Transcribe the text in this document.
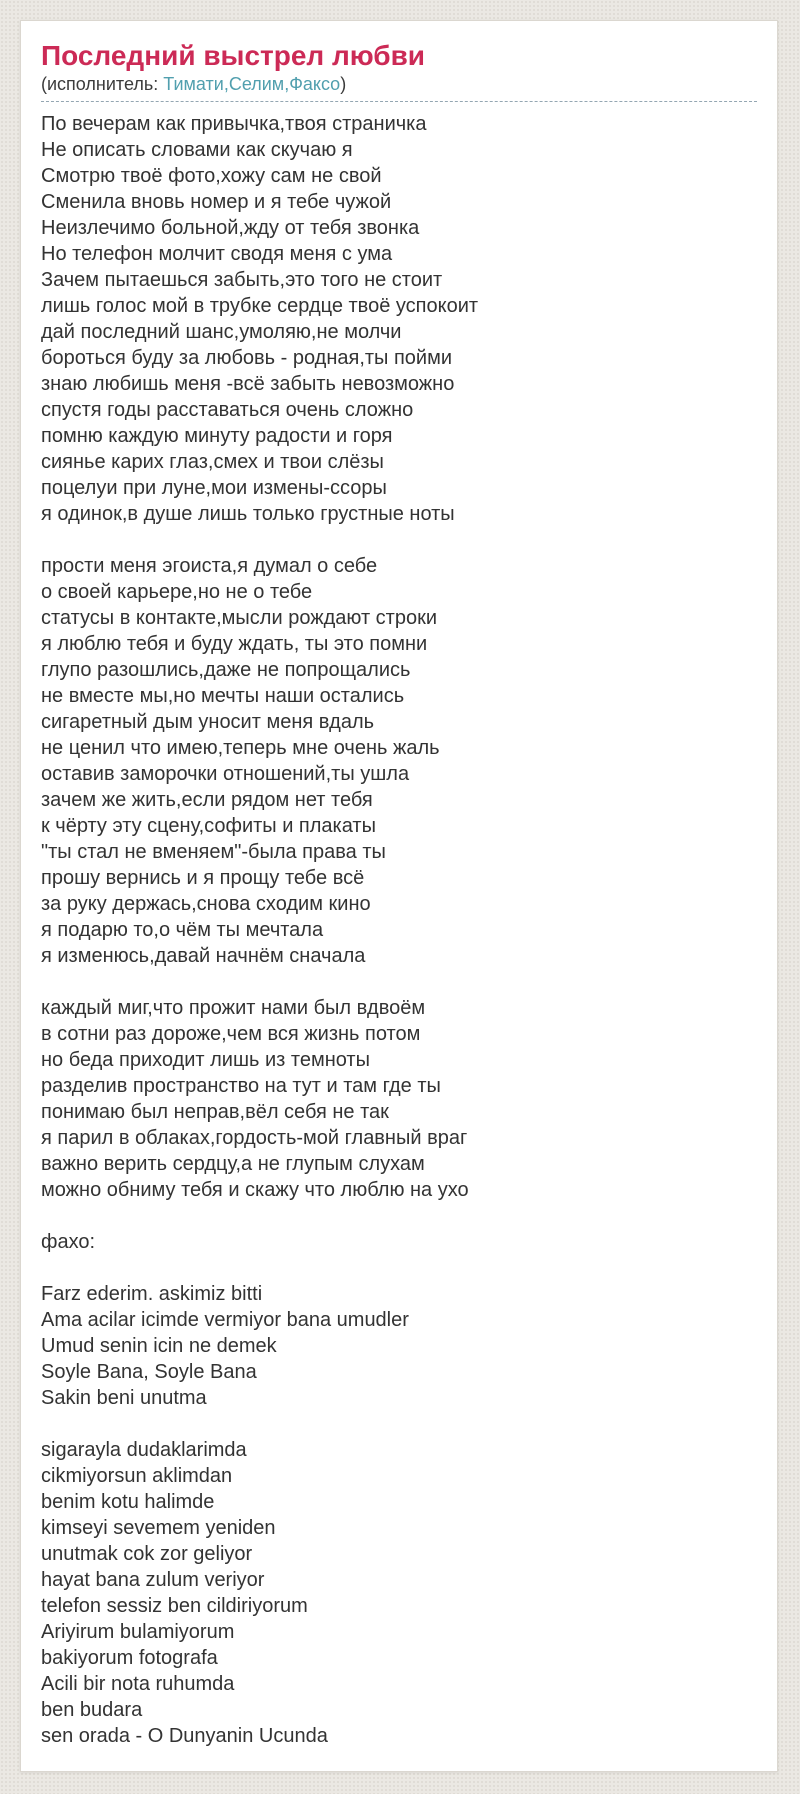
Последний выстрел любви
(исполнитель: Тимати,Селим,Факсо)

По вечерам как привычка,твоя страничка
Не описать словами как скучаю я
Смотрю твоё фото,хожу сам не свой
Сменила вновь номер и я тебе чужой
Неизлечимо больной,жду от тебя звонка
Но телефон молчит сводя меня с ума
Зачем пытаешься забыть,это того не стоит
лишь голос мой в трубке сердце твоё успокоит
дай последний шанс,умоляю,не молчи
бороться буду за любовь - родная,ты пойми
знаю любишь меня -всё забыть невозможно
спустя годы расставаться очень сложно
помню каждую минуту радости и горя
сиянье карих глаз,смех и твои слёзы
поцелуи при луне,мои измены-ссоры
я одинок,в душе лишь только грустные ноты

прости меня эгоиста,я думал о себе
о своей карьере,но не о тебе
статусы в контакте,мысли рождают строки
я люблю тебя и буду ждать, ты это помни
глупо разошлись,даже не попрощались
не вместе мы,но мечты наши остались
сигаретный дым уносит меня вдаль
не ценил что имею,теперь мне очень жаль
оставив заморочки отношений,ты ушла
зачем же жить,если рядом нет тебя
к чёрту эту сцену,софиты и плакаты
"ты стал не вменяем"-была права ты
прошу вернись и я прощу тебе всё
за руку держась,снова сходим кино
я подарю то,о чём ты мечтала
я изменюсь,давай начнём сначала

каждый миг,что прожит нами был вдвоём
в сотни раз дороже,чем вся жизнь потом
но беда приходит лишь из темноты
разделив пространство на тут и там где ты
понимаю был неправ,вёл себя не так
я парил в облаках,гордость-мой главный враг
важно верить сердцу,а не глупым слухам
можно обниму тебя и скажу что люблю на ухо

фахо:

Farz ederim. askimiz bitti
Ama acilar icimde vermiyor bana umudler
Umud senin icin ne demek
Soyle Bana, Soyle Bana
Sakin beni unutma

sigarayla dudaklarimda
cikmiyorsun aklimdan
benim kotu halimde
kimseyi sevemem yeniden
unutmak cok zor geliyor
hayat bana zulum veriyor
telefon sessiz ben cildiriyorum
Ariyirum bulamiyorum
bakiyorum fotografa
Acili bir nota ruhumda
ben budara
sen orada - O Dunyanin Ucunda
